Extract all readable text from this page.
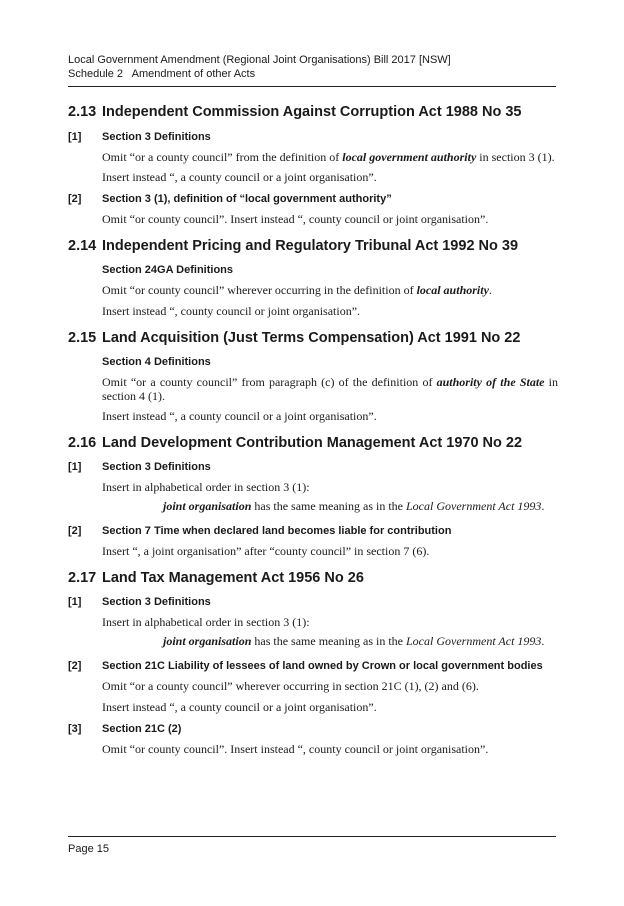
Local Government Amendment (Regional Joint Organisations) Bill 2017 [NSW]
Schedule 2   Amendment of other Acts
2.13 Independent Commission Against Corruption Act 1988 No 35
[1]	Section 3 Definitions
Omit “or a county council” from the definition of local government authority in section 3 (1).
Insert instead “, a county council or a joint organisation”.
[2]	Section 3 (1), definition of “local government authority”
Omit “or county council”. Insert instead “, county council or joint organisation”.
2.14 Independent Pricing and Regulatory Tribunal Act 1992 No 39
Section 24GA Definitions
Omit “or county council” wherever occurring in the definition of local authority.
Insert instead “, county council or joint organisation”.
2.15 Land Acquisition (Just Terms Compensation) Act 1991 No 22
Section 4 Definitions
Omit “or a county council” from paragraph (c) of the definition of authority of the State in section 4 (1).
Insert instead “, a county council or a joint organisation”.
2.16 Land Development Contribution Management Act 1970 No 22
[1]	Section 3 Definitions
Insert in alphabetical order in section 3 (1):
joint organisation has the same meaning as in the Local Government Act 1993.
[2]	Section 7 Time when declared land becomes liable for contribution
Insert “, a joint organisation” after “county council” in section 7 (6).
2.17 Land Tax Management Act 1956 No 26
[1]	Section 3 Definitions
Insert in alphabetical order in section 3 (1):
joint organisation has the same meaning as in the Local Government Act 1993.
[2]	Section 21C Liability of lessees of land owned by Crown or local government bodies
Omit “or a county council” wherever occurring in section 21C (1), (2) and (6).
Insert instead “, a county council or a joint organisation”.
[3]	Section 21C (2)
Omit “or county council”. Insert instead “, county council or joint organisation”.
Page 15
